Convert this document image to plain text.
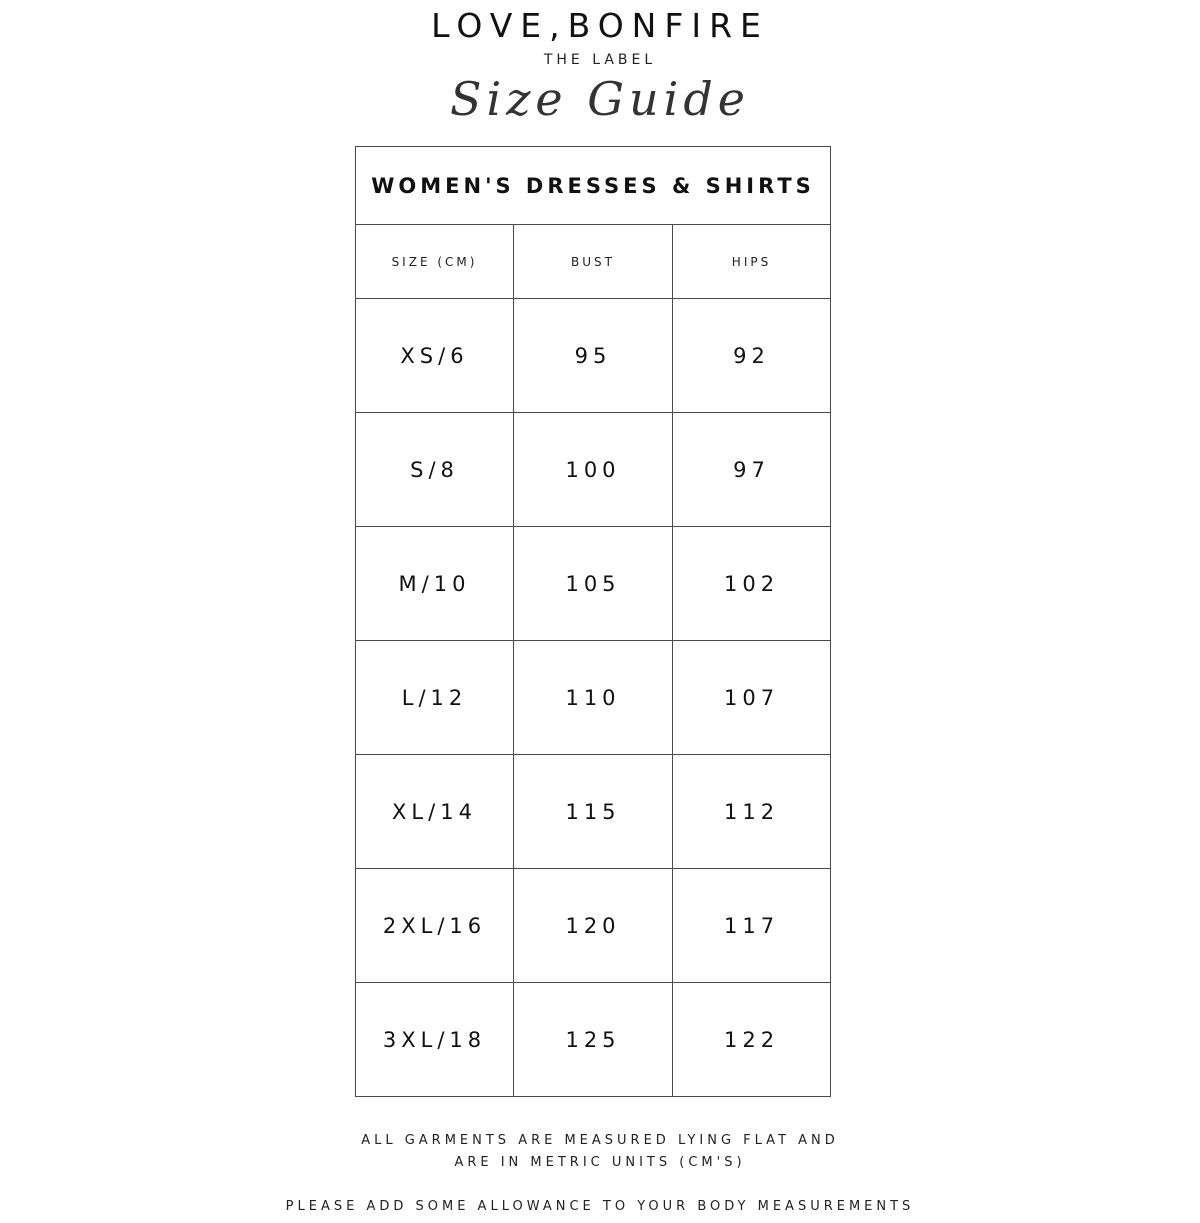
LOVE,BONFIRE
THE LABEL
Size Guide
WOMEN'S DRESSES & SHIRTS		
SIZE (CM)	BUST	HIPS
XS/6	95	92
S/8	100	97
M/10	105	102
L/12	110	107
XL/14	115	112
2XL/16	120	117
3XL/18	125	122
ALL GARMENTS ARE MEASURED LYING FLAT AND
ARE IN METRIC UNITS (CM'S)
PLEASE ADD SOME ALLOWANCE TO YOUR BODY MEASUREMENTS
